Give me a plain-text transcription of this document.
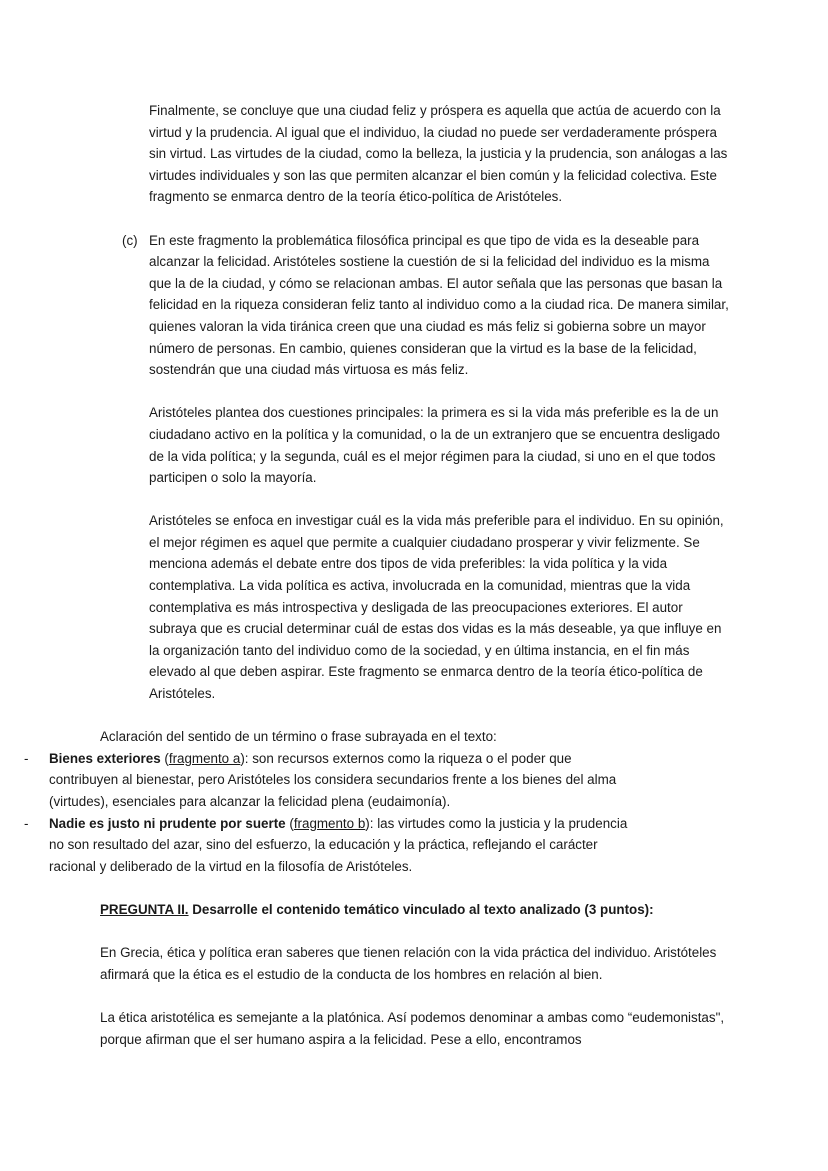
Finalmente, se concluye que una ciudad feliz y próspera es aquella que actúa de acuerdo con la virtud y la prudencia. Al igual que el individuo, la ciudad no puede ser verdaderamente próspera sin virtud. Las virtudes de la ciudad, como la belleza, la justicia y la prudencia, son análogas a las virtudes individuales y son las que permiten alcanzar el bien común y la felicidad colectiva. Este fragmento se enmarca dentro de la teoría ético-política de Aristóteles.

(c) En este fragmento la problemática filosófica principal es que tipo de vida es la deseable para alcanzar la felicidad. Aristóteles sostiene la cuestión de si la felicidad del individuo es la misma que la de la ciudad, y cómo se relacionan ambas. El autor señala que las personas que basan la felicidad en la riqueza consideran feliz tanto al individuo como a la ciudad rica. De manera similar, quienes valoran la vida tiránica creen que una ciudad es más feliz si gobierna sobre un mayor número de personas. En cambio, quienes consideran que la virtud es la base de la felicidad, sostendrán que una ciudad más virtuosa es más feliz.

Aristóteles plantea dos cuestiones principales: la primera es si la vida más preferible es la de un ciudadano activo en la política y la comunidad, o la de un extranjero que se encuentra desligado de la vida política; y la segunda, cuál es el mejor régimen para la ciudad, si uno en el que todos participen o solo la mayoría.

Aristóteles se enfoca en investigar cuál es la vida más preferible para el individuo. En su opinión, el mejor régimen es aquel que permite a cualquier ciudadano prosperar y vivir felizmente. Se menciona además el debate entre dos tipos de vida preferibles: la vida política y la vida contemplativa. La vida política es activa, involucrada en la comunidad, mientras que la vida contemplativa es más introspectiva y desligada de las preocupaciones exteriores. El autor subraya que es crucial determinar cuál de estas dos vidas es la más deseable, ya que influye en la organización tanto del individuo como de la sociedad, y en última instancia, en el fin más elevado al que deben aspirar. Este fragmento se enmarca dentro de la teoría ético-política de Aristóteles.

Aclaración del sentido de un término o frase subrayada en el texto:
- Bienes exteriores (fragmento a): son recursos externos como la riqueza o el poder que contribuyen al bienestar, pero Aristóteles los considera secundarios frente a los bienes del alma (virtudes), esenciales para alcanzar la felicidad plena (eudaimonía).
- Nadie es justo ni prudente por suerte (fragmento b): las virtudes como la justicia y la prudencia no son resultado del azar, sino del esfuerzo, la educación y la práctica, reflejando el carácter racional y deliberado de la virtud en la filosofía de Aristóteles.
PREGUNTA II. Desarrolle el contenido temático vinculado al texto analizado (3 puntos):

En Grecia, ética y política eran saberes que tienen relación con la vida práctica del individuo. Aristóteles afirmará que la ética es el estudio de la conducta de los hombres en relación al bien.

La ética aristotélica es semejante a la platónica. Así podemos denominar a ambas como “eudemonistas", porque afirman que el ser humano aspira a la felicidad. Pese a ello, encontramos
